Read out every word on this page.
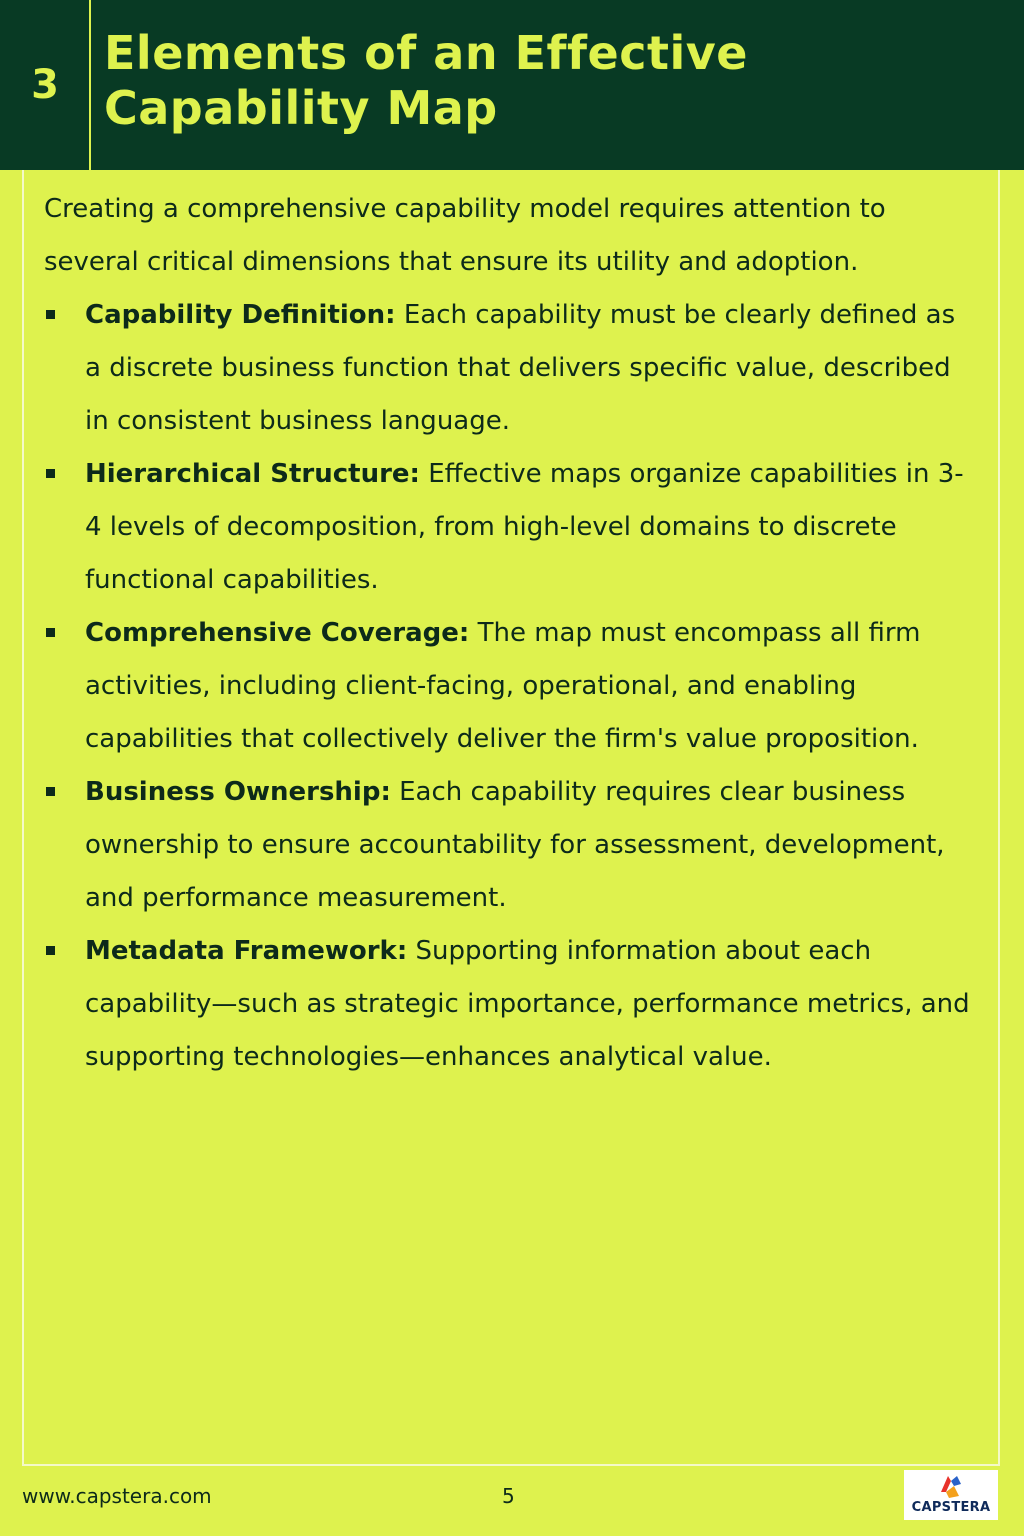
3
Elements of an Effective Capability Map

Creating a comprehensive capability model requires attention to several critical dimensions that ensure its utility and adoption.

Capability Definition: Each capability must be clearly defined as a discrete business function that delivers specific value, described in consistent business language.
Hierarchical Structure: Effective maps organize capabilities in 3-4 levels of decomposition, from high-level domains to discrete functional capabilities.
Comprehensive Coverage: The map must encompass all firm activities, including client-facing, operational, and enabling capabilities that collectively deliver the firm's value proposition.
Business Ownership: Each capability requires clear business ownership to ensure accountability for assessment, development, and performance measurement.
Metadata Framework: Supporting information about each capability—such as strategic importance, performance metrics, and supporting technologies—enhances analytical value.
www.capstera.com	5	CAPSTERA
